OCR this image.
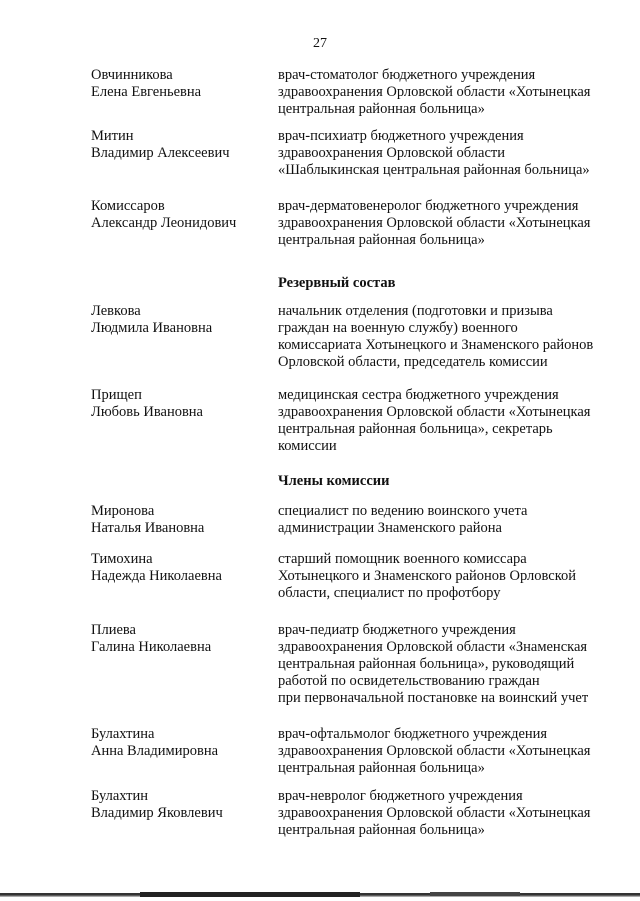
27
Овчинникова
Елена Евгеньевна
врач-стоматолог бюджетного учреждения
здравоохранения Орловской области «Хотынецкая
центральная районная больница»
Митин
Владимир Алексеевич
врач-психиатр бюджетного учреждения
здравоохранения Орловской области
«Шаблыкинская центральная районная больница»
Комиссаров
Александр Леонидович
врач-дерматовенеролог бюджетного учреждения
здравоохранения Орловской области «Хотынецкая
центральная районная больница»
Резервный состав
Левкова
Людмила Ивановна
начальник отделения (подготовки и призыва
граждан на военную службу) военного
комиссариата Хотынецкого и Знаменского районов
Орловской области, председатель комиссии
Прищеп
Любовь Ивановна
медицинская сестра бюджетного учреждения
здравоохранения Орловской области «Хотынецкая
центральная районная больница», секретарь
комиссии
Члены комиссии
Миронова
Наталья Ивановна
специалист по ведению воинского учета
администрации Знаменского района
Тимохина
Надежда Николаевна
старший помощник военного комиссара
Хотынецкого и Знаменского районов Орловской
области, специалист по профотбору
Плиева
Галина Николаевна
врач-педиатр бюджетного учреждения
здравоохранения Орловской области «Знаменская
центральная районная больница», руководящий
работой по освидетельствованию граждан
при первоначальной постановке на воинский учет
Булахтина
Анна Владимировна
врач-офтальмолог бюджетного учреждения
здравоохранения Орловской области «Хотынецкая
центральная районная больница»
Булахтин
Владимир Яковлевич
врач-невролог бюджетного учреждения
здравоохранения Орловской области «Хотынецкая
центральная районная больница»
